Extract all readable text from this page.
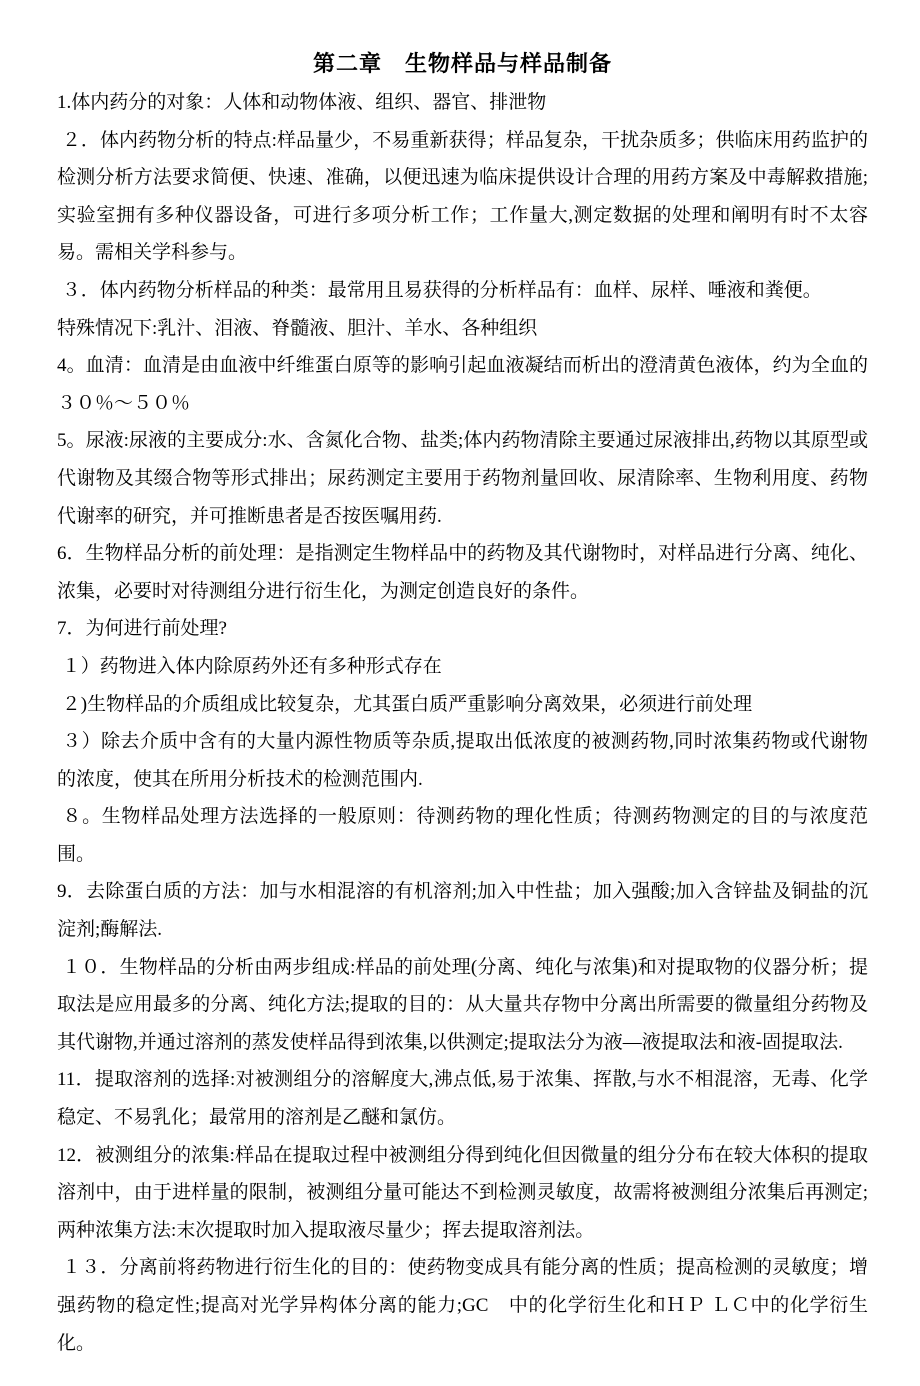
第二章　生物样品与样品制备

1.体内药分的对象：人体和动物体液、组织、器官、排泄物

２．体内药物分析的特点:样品量少，不易重新获得；样品复杂，干扰杂质多；供临床用药监护的检测分析方法要求简便、快速、准确，以便迅速为临床提供设计合理的用药方案及中毒解救措施;实验室拥有多种仪器设备，可进行多项分析工作；工作量大,测定数据的处理和阐明有时不太容易。需相关学科参与。

３．体内药物分析样品的种类：最常用且易获得的分析样品有：血样、尿样、唾液和粪便。

特殊情况下:乳汁、泪液、脊髓液、胆汁、羊水、各种组织

4。血清：血清是由血液中纤维蛋白原等的影响引起血液凝结而析出的澄清黄色液体，约为全血的３０％～５０％

5。尿液:尿液的主要成分:水、含氮化合物、盐类;体内药物清除主要通过尿液排出,药物以其原型或代谢物及其缀合物等形式排出；尿药测定主要用于药物剂量回收、尿清除率、生物利用度、药物代谢率的研究，并可推断患者是否按医嘱用药.

6．生物样品分析的前处理：是指测定生物样品中的药物及其代谢物时，对样品进行分离、纯化、浓集，必要时对待测组分进行衍生化，为测定创造良好的条件。

7．为何进行前处理?

１）药物进入体内除原药外还有多种形式存在

２)生物样品的介质组成比较复杂，尤其蛋白质严重影响分离效果，必须进行前处理

３）除去介质中含有的大量内源性物质等杂质,提取出低浓度的被测药物,同时浓集药物或代谢物的浓度，使其在所用分析技术的检测范围内.

８。生物样品处理方法选择的一般原则：待测药物的理化性质；待测药物测定的目的与浓度范围。

9．去除蛋白质的方法：加与水相混溶的有机溶剂;加入中性盐；加入强酸;加入含锌盐及铜盐的沉淀剂;酶解法.

１０．生物样品的分析由两步组成:样品的前处理(分离、纯化与浓集)和对提取物的仪器分析；提取法是应用最多的分离、纯化方法;提取的目的：从大量共存物中分离出所需要的微量组分药物及其代谢物,并通过溶剂的蒸发使样品得到浓集,以供测定;提取法分为液—液提取法和液-固提取法.

11．提取溶剂的选择:对被测组分的溶解度大,沸点低,易于浓集、挥散,与水不相混溶，无毒、化学稳定、不易乳化；最常用的溶剂是乙醚和氯仿。

12．被测组分的浓集:样品在提取过程中被测组分得到纯化但因微量的组分分布在较大体积的提取溶剂中，由于进样量的限制，被测组分量可能达不到检测灵敏度，故需将被测组分浓集后再测定;两种浓集方法:末次提取时加入提取液尽量少；挥去提取溶剂法。

１３．分离前将药物进行衍生化的目的：使药物变成具有能分离的性质；提高检测的灵敏度；增强药物的稳定性;提高对光学异构体分离的能力;GC　中的化学衍生化和ＨＰ ＬＣ中的化学衍生化。
